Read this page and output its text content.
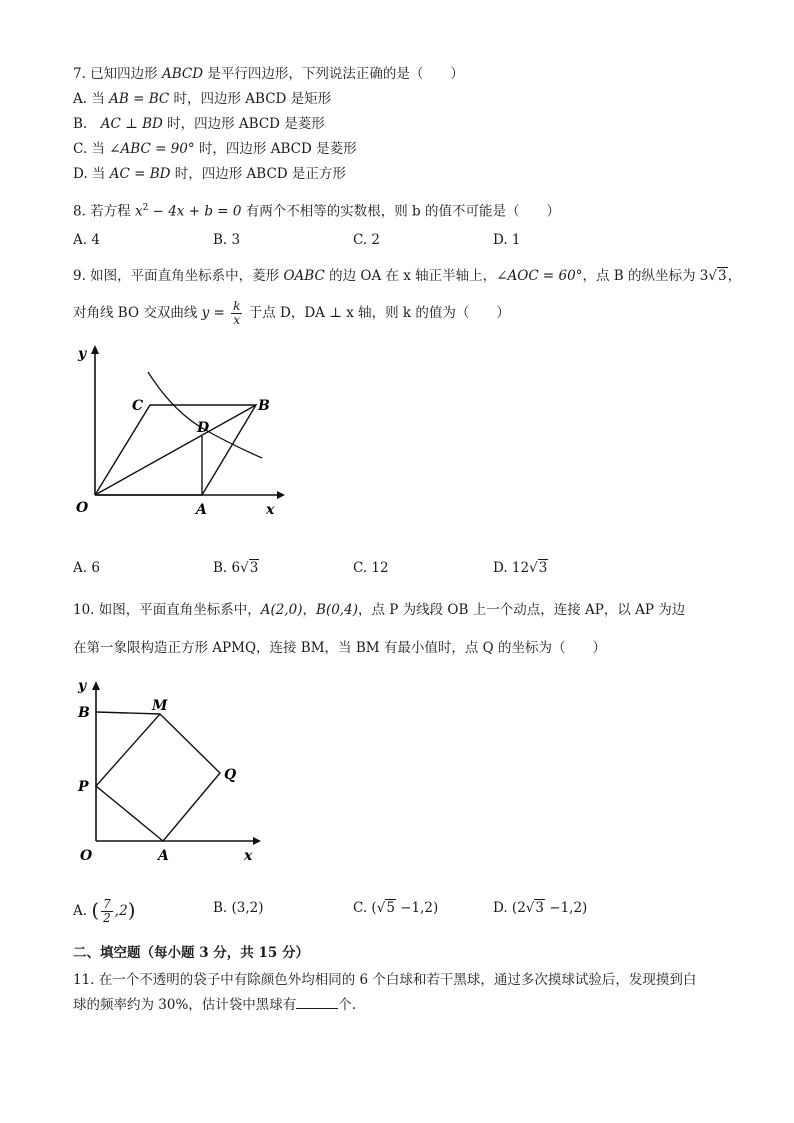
7. 已知四边形 ABCD 是平行四边形，下列说法正确的是（　　）
A. 当 AB = BC 时，四边形 ABCD 是矩形
B.　AC ⊥ BD 时，四边形 ABCD 是菱形
C. 当 ∠ABC = 90° 时，四边形 ABCD 是菱形
D. 当 AC = BD 时，四边形 ABCD 是正方形
8. 若方程 $x^2 - 4x + b = 0$ 有两个不相等的实数根，则 b 的值不可能是（　　）
A. 4	B. 3	C. 2	D. 1
9. 如图，平面直角坐标系中，菱形 OABC 的边 OA 在 x 轴正半轴上，∠AOC = 60°，点 B 的纵坐标为 3√3，
对角线 BO 交双曲线 $y = \frac{k}{x}$ 于点 D，DA ⊥ x 轴，则 k 的值为（　　）
y
x
O	A
B
C
D
A. 6	B. 6√3	C. 12	D. 12√3
10. 如图，平面直角坐标系中，A(2,0)，B(0,4)，点 P 为线段 OB 上一个动点，连接 AP，以 AP 为边
在第一象限构造正方形 APMQ，连接 BM，当 BM 有最小值时，点 Q 的坐标为（　　）
y
x
O	A
B
P
M
Q
A. ( $\frac{7}{2} ,2$)	B. (3,2)	C. (√5 −1,2)	D. (2√3 −1,2)
二、填空题（每小题 3 分，共 15 分）
11. 在一个不透明的袋子中有除颜色外均相同的 6 个白球和若干黑球，通过多次摸球试验后，发现摸到白
球的频率约为 30%，估计袋中黑球有	个.
